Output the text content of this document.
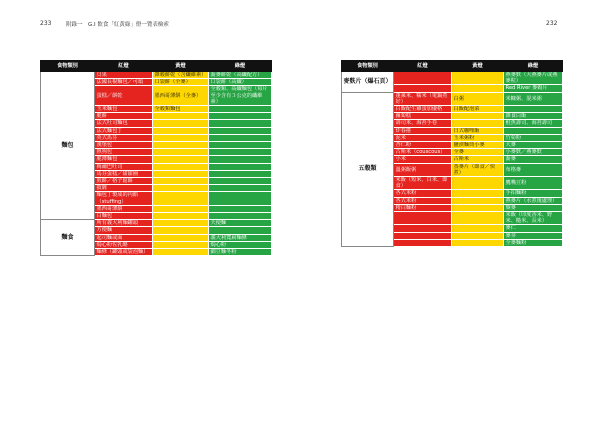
233	附錄一　G.I 飲食「紅黃綠」燈一覽表檢索	232
食物類別	紅燈	黃燈	綠燈
麵包	貝果	雜穀餅乾（含纖維素）	蕎麥餅乾（高纖配方）
	法國長棍麵包／可頌	口袋餅（全麥）	口袋餅（高纖）
	蛋糕／餅乾	墨西哥薄餅（全麥）	全穀類、高纖麵包（每片至少含有３公克的纖維素）
	玉米麵包	全穀類麵包	
	脆餅		
	法式吐司麵包		
	法式麵包丁		
	英式馬芬		
	漢堡包		
	熱狗包		
	脆薄麵包		
	梅爾巴吐司		
	馬芬蛋糕／甜甜圈		
	煎餅／格子鬆餅		
	披薩		
	麵包丁製成的內餡（stuffing）		
	墨西哥薄餅		
	白麵包		
麵食	所有義大利麵罐頭		天使麵
	方便麵		
	起司麵或面		義大利寬扁麵條
	焗心粉佐乳酪		焗心粉
	麵條（罐頭或袋泡麵）		細豆麵冬粉
食物類別	紅燈	黃燈	綠燈
麥麩片（爆石頁）			燕麥麩（大燕麥片或燕麥粒）
			Red River 麥穀片
五穀類	蓬萊米、糯米（電鍋煮好）	白粥	米糠粥、混米粥
	白飯配生雞蛋加優格	白飯配泡菜	
	蘿蔔糕		雜食白飯
	壽司米、海苔手卷		鮭魚壽司、海苔壽司
	炸春捲	日式咖哩飯	
	泥米	玉米粥粉	竹筍粉
	杏仁粉	鹽漬麵筒小麥	大麥
	古斯米（couscous）	全麥	小麥麩／燕麥麩
	小米	古斯米	蕎麥
	溫粥飯粥	蒸麥片（即食／快煮）	布格麥
	米飯（短米、白米、即食）		鷹嘴豆粉
	各式米粉		手拍麵粉
	各式米粉		燕麥片（水煮後處理）
	精白麵粉		藜麥
			米飯（印度香米、野米、糙米、長米）
			麥仁
			麥芽
			全麥麵粉
